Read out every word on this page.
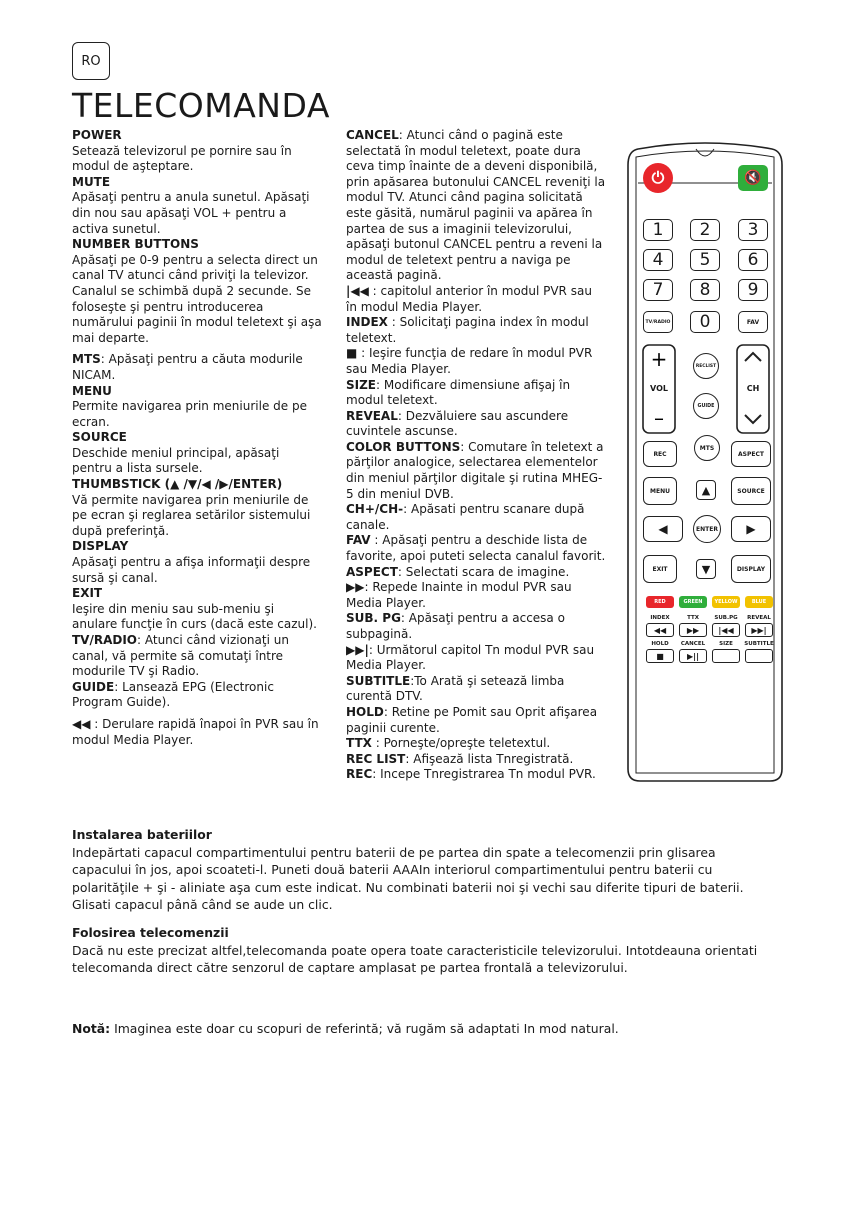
RO
TELECOMANDA

POWER
Setează televizorul pe pornire sau în modul de aşteptare.

MUTE
Apăsaţi pentru a anula sunetul. Apăsaţi din nou sau apăsaţi VOL + pentru a activa sunetul.

NUMBER BUTTONS
Apăsaţi pe 0-9 pentru a selecta direct un canal TV atunci când priviţi la televizor. Canalul se schimbă după 2 secunde. Se foloseşte şi pentru introducerea numărului paginii în modul teletext şi aşa mai departe.

MTS: Apăsaţi pentru a căuta modurile NICAM.

MENU
Permite navigarea prin meniurile de pe ecran.

SOURCE
Deschide meniul principal, apăsaţi pentru a lista sursele.

THUMBSTICK (▲ /▼/◀ /▶/ENTER)
Vă permite navigarea prin meniurile de pe ecran şi reglarea setărilor sistemului după preferinţă.

DISPLAY
Apăsaţi pentru a afişa informaţii despre sursă şi canal.

EXIT
Ieşire din meniu sau sub-meniu şi anulare funcţie în curs (dacă este cazul).

TV/RADIO: Atunci când vizionaţi un canal, vă permite să comutaţi între modurile TV şi Radio.

GUIDE: Lansează EPG (Electronic Program Guide).

◀◀ : Derulare rapidă înapoi în PVR sau în modul Media Player.

CANCEL: Atunci când o pagină este selectată în modul teletext, poate dura ceva timp înainte de a deveni disponibilă, prin apăsarea butonului CANCEL reveniţi la modul TV. Atunci când pagina solicitată este găsită, numărul paginii va apărea în partea de sus a imaginii televizorului, apăsaţi butonul CANCEL pentru a reveni la modul de teletext pentru a naviga pe această pagină.

|◀◀ : capitolul anterior în modul PVR sau în modul Media Player.

INDEX : Solicitaţi pagina index în modul teletext.

■ : Ieşire funcţia de redare în modul PVR sau Media Player.

SIZE: Modificare dimensiune afişaj în modul teletext.

REVEAL: Dezvăluiere sau ascundere cuvintele ascunse.

COLOR BUTTONS: Comutare în teletext a părţilor analogice, selectarea elementelor din meniul părţilor digitale şi rutina MHEG-5 din meniul DVB.

CH+/CH-: Apăsati pentru scanare după canale.

FAV : Apăsaţi pentru a deschide lista de favorite, apoi puteti selecta canalul favorit.

ASPECT: Selectati scara de imagine.

▶▶: Repede Inainte in modul PVR sau Media Player.

SUB. PG: Apăsaţi pentru a accesa o subpagină.

▶▶|: Următorul capitol Tn modul PVR sau Media Player.

SUBTITLE:To Arată şi setează limba curentă DTV.

HOLD: Retine pe Pomit sau Oprit afişarea paginii curente.

TTX : Porneşte/opreşte teletextul.

REC LIST: Afişează lista Tnregistrată.

REC: Incepe Tnregistrarea Tn modul PVR.

+
–
⏻	🔇
1	2	3
4	5	6
7	8	9
TV/RADIO	0	FAV
VOL	CH
RECLIST
GUIDE
REC
MTS
ASPECT
MENU	▲	SOURCE
◀	ENTER	▶
EXIT	▼	DISPLAY
RED	GREEN	YELLOW	BLUE
INDEX	TTX	SUB.PG	REVEAL
◀◀	▶▶	|◀◀	▶▶|
HOLD	CANCEL	SIZE	SUBTITLE
■	▶||
Instalarea bateriilor

Indepărtati capacul compartimentului pentru baterii de pe partea din spate a telecomenzii prin glisarea capacului în jos, apoi scoateti-l. Puneti două baterii AAAIn interiorul compartimentului pentru baterii cu polarităţile + şi - aliniate aşa cum este indicat. Nu combinati baterii noi şi vechi sau diferite tipuri de baterii. Glisati capacul până când se aude un clic.

Folosirea telecomenzii

Dacă nu este precizat altfel,telecomanda poate opera toate caracteristicile televizorului. Intotdeauna orientati telecomanda direct către senzorul de captare amplasat pe partea frontală a televizorului.

Notă: Imaginea este doar cu scopuri de referintă; vă rugăm să adaptati In mod natural.
